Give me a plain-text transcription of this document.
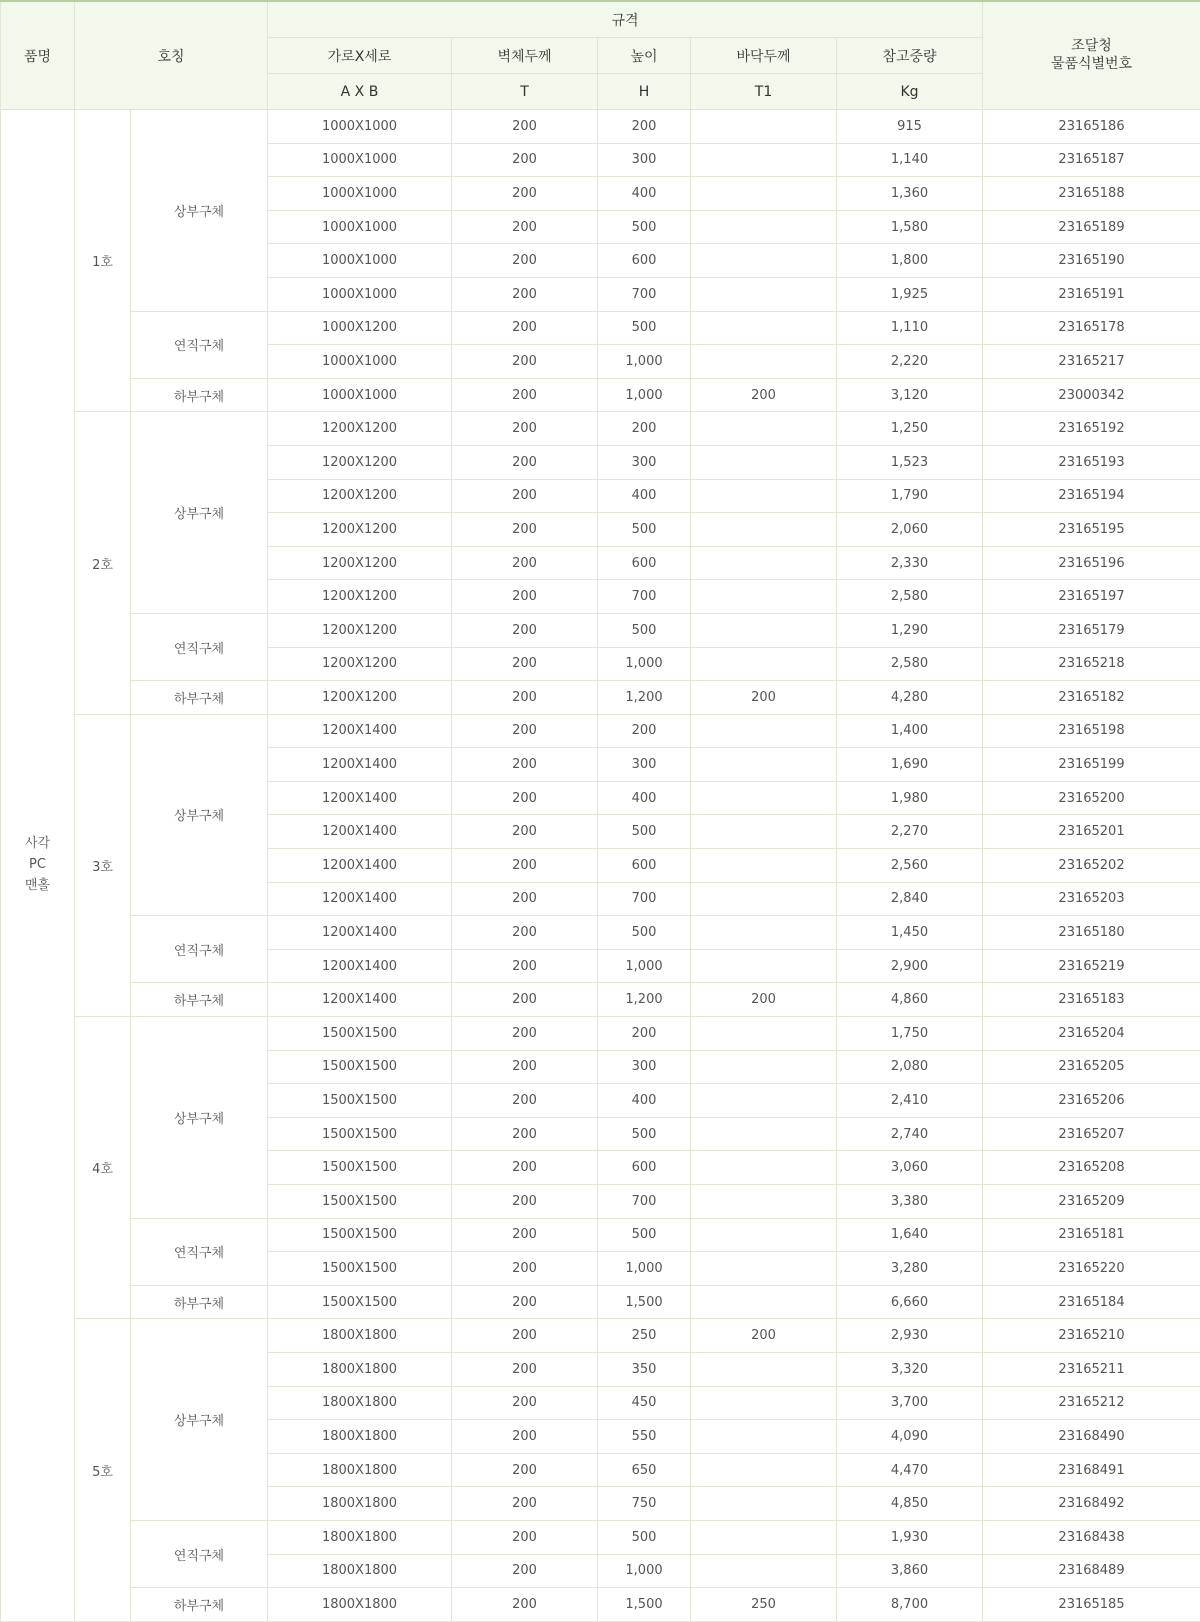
품명	호칭		규격					조달청
물품식별번호
			가로X세로	벽체두께	높이	바닥두께	참고중량	
			A X B	T	H	T1	Kg	
사각
PC
맨홀	1호	상부구체	1000X1000	200	200		915	23165186
			1000X1000	200	300		1,140	23165187
			1000X1000	200	400		1,360	23165188
			1000X1000	200	500		1,580	23165189
			1000X1000	200	600		1,800	23165190
			1000X1000	200	700		1,925	23165191
		연직구체	1000X1200	200	500		1,110	23165178
			1000X1000	200	1,000		2,220	23165217
		하부구체	1000X1000	200	1,000	200	3,120	23000342
	2호	상부구체	1200X1200	200	200		1,250	23165192
			1200X1200	200	300		1,523	23165193
			1200X1200	200	400		1,790	23165194
			1200X1200	200	500		2,060	23165195
			1200X1200	200	600		2,330	23165196
			1200X1200	200	700		2,580	23165197
		연직구체	1200X1200	200	500		1,290	23165179
			1200X1200	200	1,000		2,580	23165218
		하부구체	1200X1200	200	1,200	200	4,280	23165182
	3호	상부구체	1200X1400	200	200		1,400	23165198
			1200X1400	200	300		1,690	23165199
			1200X1400	200	400		1,980	23165200
			1200X1400	200	500		2,270	23165201
			1200X1400	200	600		2,560	23165202
			1200X1400	200	700		2,840	23165203
		연직구체	1200X1400	200	500		1,450	23165180
			1200X1400	200	1,000		2,900	23165219
		하부구체	1200X1400	200	1,200	200	4,860	23165183
	4호	상부구체	1500X1500	200	200		1,750	23165204
			1500X1500	200	300		2,080	23165205
			1500X1500	200	400		2,410	23165206
			1500X1500	200	500		2,740	23165207
			1500X1500	200	600		3,060	23165208
			1500X1500	200	700		3,380	23165209
		연직구체	1500X1500	200	500		1,640	23165181
			1500X1500	200	1,000		3,280	23165220
		하부구체	1500X1500	200	1,500		6,660	23165184
	5호	상부구체	1800X1800	200	250	200	2,930	23165210
			1800X1800	200	350		3,320	23165211
			1800X1800	200	450		3,700	23165212
			1800X1800	200	550		4,090	23168490
			1800X1800	200	650		4,470	23168491
			1800X1800	200	750		4,850	23168492
		연직구체	1800X1800	200	500		1,930	23168438
			1800X1800	200	1,000		3,860	23168489
		하부구체	1800X1800	200	1,500	250	8,700	23165185
